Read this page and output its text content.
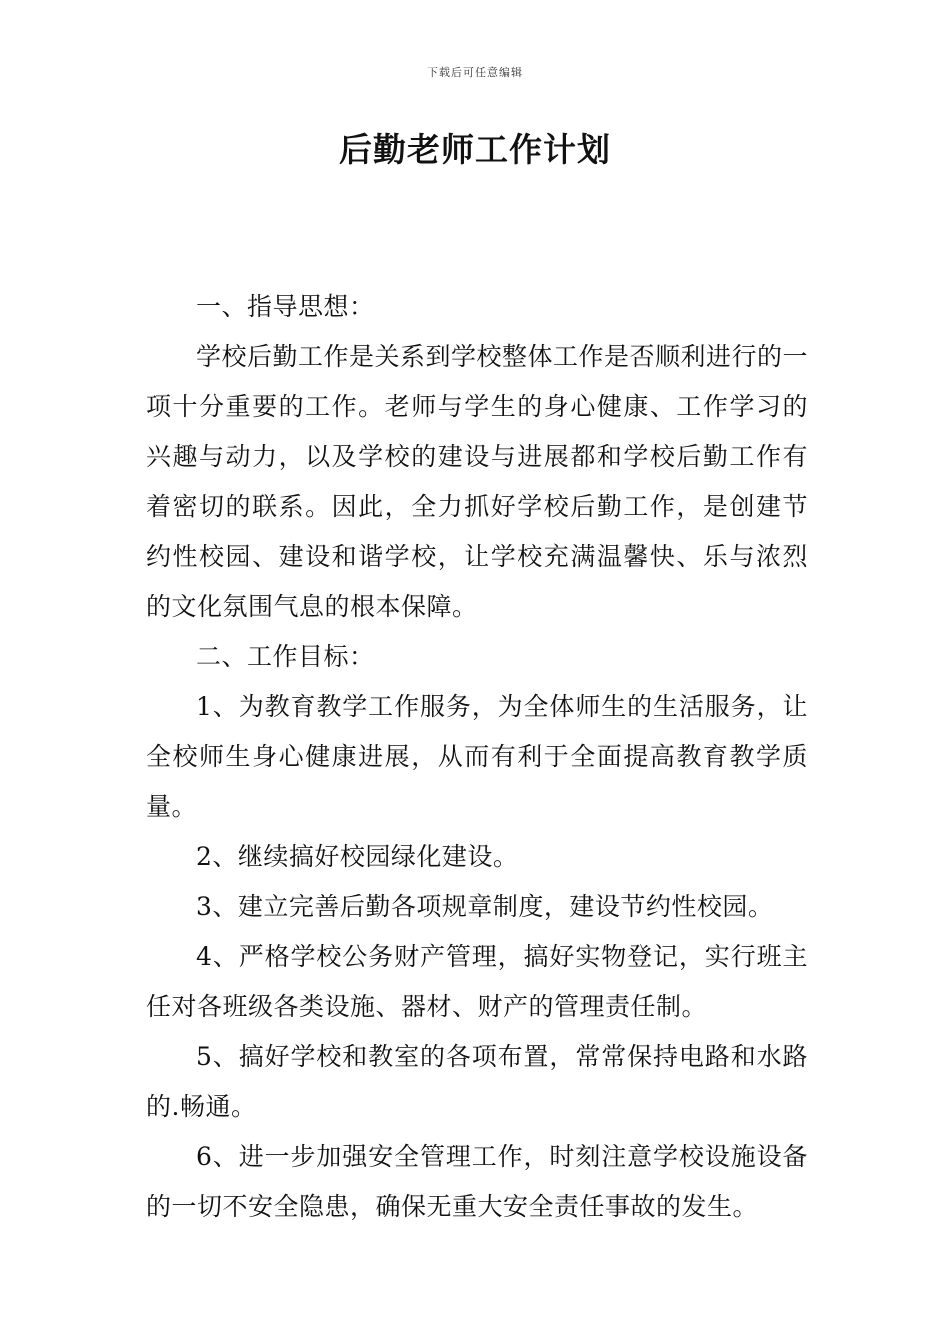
下载后可任意编辑
后勤老师工作计划

一、指导思想：

学校后勤工作是关系到学校整体工作是否顺利进行的一项十分重要的工作。老师与学生的身心健康、工作学习的兴趣与动力，以及学校的建设与进展都和学校后勤工作有着密切的联系。因此，全力抓好学校后勤工作，是创建节约性校园、建设和谐学校，让学校充满温馨快、乐与浓烈的文化氛围气息的根本保障。

二、工作目标：

1、为教育教学工作服务，为全体师生的生活服务，让全校师生身心健康进展，从而有利于全面提高教育教学质量。

2、继续搞好校园绿化建设。

3、建立完善后勤各项规章制度，建设节约性校园。

4、严格学校公务财产管理，搞好实物登记，实行班主任对各班级各类设施、器材、财产的管理责任制。

5、搞好学校和教室的各项布置，常常保持电路和水路的.畅通。

6、进一步加强安全管理工作，时刻注意学校设施设备的一切不安全隐患，确保无重大安全责任事故的发生。
